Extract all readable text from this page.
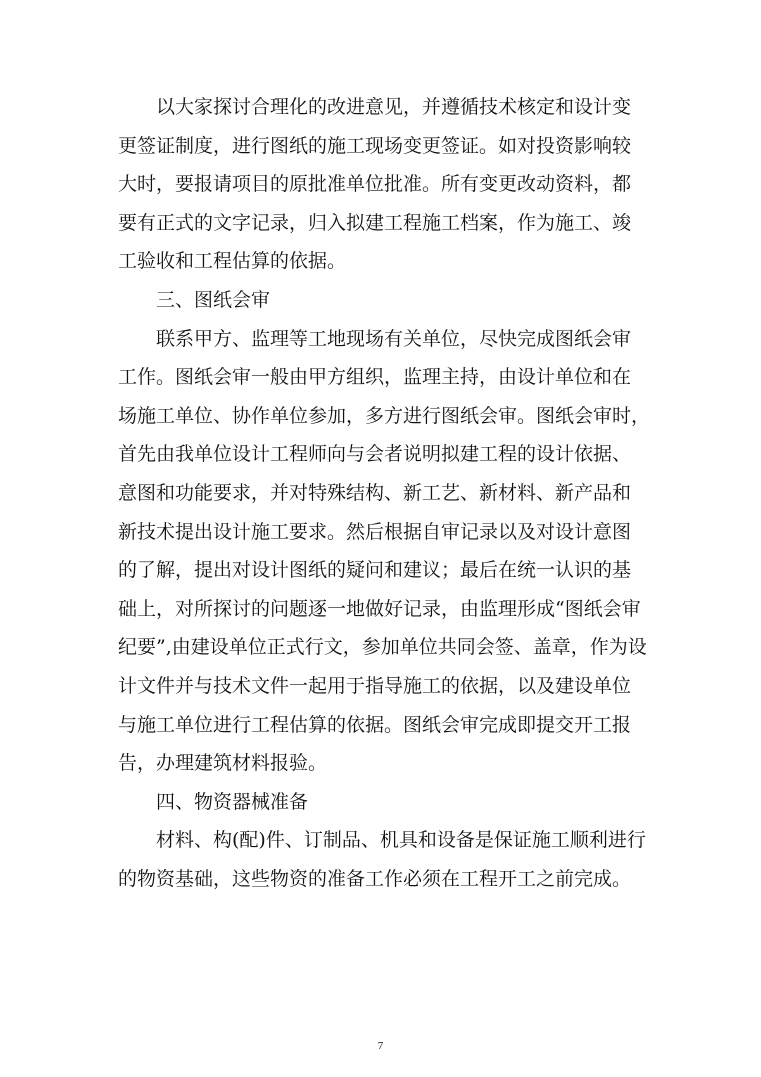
以大家探讨合理化的改进意见，并遵循技术核定和设计变
更签证制度，进行图纸的施工现场变更签证。如对投资影响较
大时，要报请项目的原批准单位批准。所有变更改动资料，都
要有正式的文字记录，归入拟建工程施工档案，作为施工、竣
工验收和工程估算的依据。
三、图纸会审
联系甲方、监理等工地现场有关单位，尽快完成图纸会审
工作。图纸会审一般由甲方组织，监理主持，由设计单位和在
场施工单位、协作单位参加，多方进行图纸会审。图纸会审时，
首先由我单位设计工程师向与会者说明拟建工程的设计依据、
意图和功能要求，并对特殊结构、新工艺、新材料、新产品和
新技术提出设计施工要求。然后根据自审记录以及对设计意图
的了解，提出对设计图纸的疑问和建议；最后在统一认识的基
础上，对所探讨的问题逐一地做好记录，由监理形成“图纸会审
纪要”,由建设单位正式行文，参加单位共同会签、盖章，作为设
计文件并与技术文件一起用于指导施工的依据，以及建设单位
与施工单位进行工程估算的依据。图纸会审完成即提交开工报
告，办理建筑材料报验。
四、物资器械准备
材料、构(配)件、订制品、机具和设备是保证施工顺利进行
的物资基础，这些物资的准备工作必须在工程开工之前完成。
7
